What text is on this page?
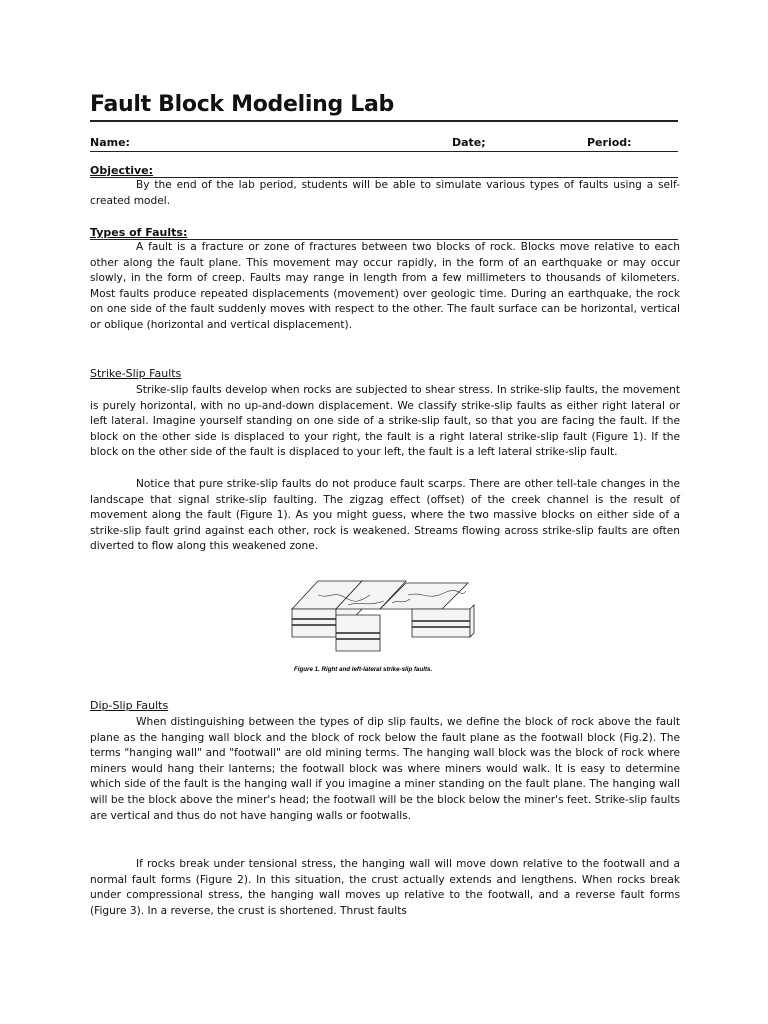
Fault Block Modeling Lab
Name:	Date;	Period:
Objective:

By the end of the lab period, students will be able to simulate various types of faults using a self-created model.

Types of Faults:

A fault is a fracture or zone of fractures between two blocks of rock. Blocks move relative to each other along the fault plane. This movement may occur rapidly, in the form of an earthquake or may occur slowly, in the form of creep. Faults may range in length from a few millimeters to thousands of kilometers. Most faults produce repeated displacements (movement) over geologic time. During an earthquake, the rock on one side of the fault suddenly moves with respect to the other. The fault surface can be horizontal, vertical or oblique (horizontal and vertical displacement).

Strike-Slip Faults

Strike-slip faults develop when rocks are subjected to shear stress. In strike-slip faults, the movement is purely horizontal, with no up-and-down displacement. We classify strike-slip faults as either right lateral or left lateral. Imagine yourself standing on one side of a strike-slip fault, so that you are facing the fault. If the block on the other side is displaced to your right, the fault is a right lateral strike-slip fault (Figure 1). If the block on the other side of the fault is displaced to your left, the fault is a left lateral strike-slip fault.

Notice that pure strike-slip faults do not produce fault scarps. There are other tell-tale changes in the landscape that signal strike-slip faulting. The zigzag effect (offset) of the creek channel is the result of movement along the fault (Figure 1). As you might guess, where the two massive blocks on either side of a strike-slip fault grind against each other, rock is weakened. Streams flowing across strike-slip faults are often diverted to flow along this weakened zone.

Figure 1. Right and left-lateral strike-slip faults.
Dip-Slip Faults

When distinguishing between the types of dip slip faults, we define the block of rock above the fault plane as the hanging wall block and the block of rock below the fault plane as the footwall block (Fig.2). The terms "hanging wall" and "footwall" are old mining terms. The hanging wall block was the block of rock where miners would hang their lanterns; the footwall block was where miners would walk. It is easy to determine which side of the fault is the hanging wall if you imagine a miner standing on the fault plane. The hanging wall will be the block above the miner's head; the footwall will be the block below the miner's feet. Strike-slip faults are vertical and thus do not have hanging walls or footwalls.

If rocks break under tensional stress, the hanging wall will move down relative to the footwall and a normal fault forms (Figure 2). In this situation, the crust actually extends and lengthens. When rocks break under compressional stress, the hanging wall moves up relative to the footwall, and a reverse fault forms (Figure 3). In a reverse, the crust is shortened. Thrust faults
